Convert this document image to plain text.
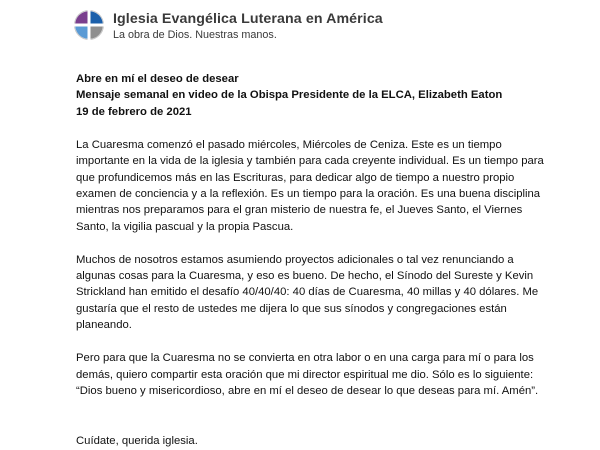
Iglesia Evangélica Luterana en América
La obra de Dios. Nuestras manos.

Abre en mí el deseo de desear

Mensaje semanal en video de la Obispa Presidente de la ELCA, Elizabeth Eaton

19 de febrero de 2021

La Cuaresma comenzó el pasado miércoles, Miércoles de Ceniza. Este es un tiempo importante en la vida de la iglesia y también para cada creyente individual. Es un tiempo para que profundicemos más en las Escrituras, para dedicar algo de tiempo a nuestro propio examen de conciencia y a la reflexión. Es un tiempo para la oración. Es una buena disciplina mientras nos preparamos para el gran misterio de nuestra fe, el Jueves Santo, el Viernes Santo, la vigilia pascual y la propia Pascua.

Muchos de nosotros estamos asumiendo proyectos adicionales o tal vez renunciando a algunas cosas para la Cuaresma, y eso es bueno. De hecho, el Sínodo del Sureste y Kevin Strickland han emitido el desafío 40/40/40: 40 días de Cuaresma, 40 millas y 40 dólares. Me gustaría que el resto de ustedes me dijera lo que sus sínodos y congregaciones están planeando.

Pero para que la Cuaresma no se convierta en otra labor o en una carga para mí o para los demás, quiero compartir esta oración que mi director espiritual me dio. Sólo es lo siguiente: “Dios bueno y misericordioso, abre en mí el deseo de desear lo que deseas para mí. Amén”.

Cuídate, querida iglesia.
